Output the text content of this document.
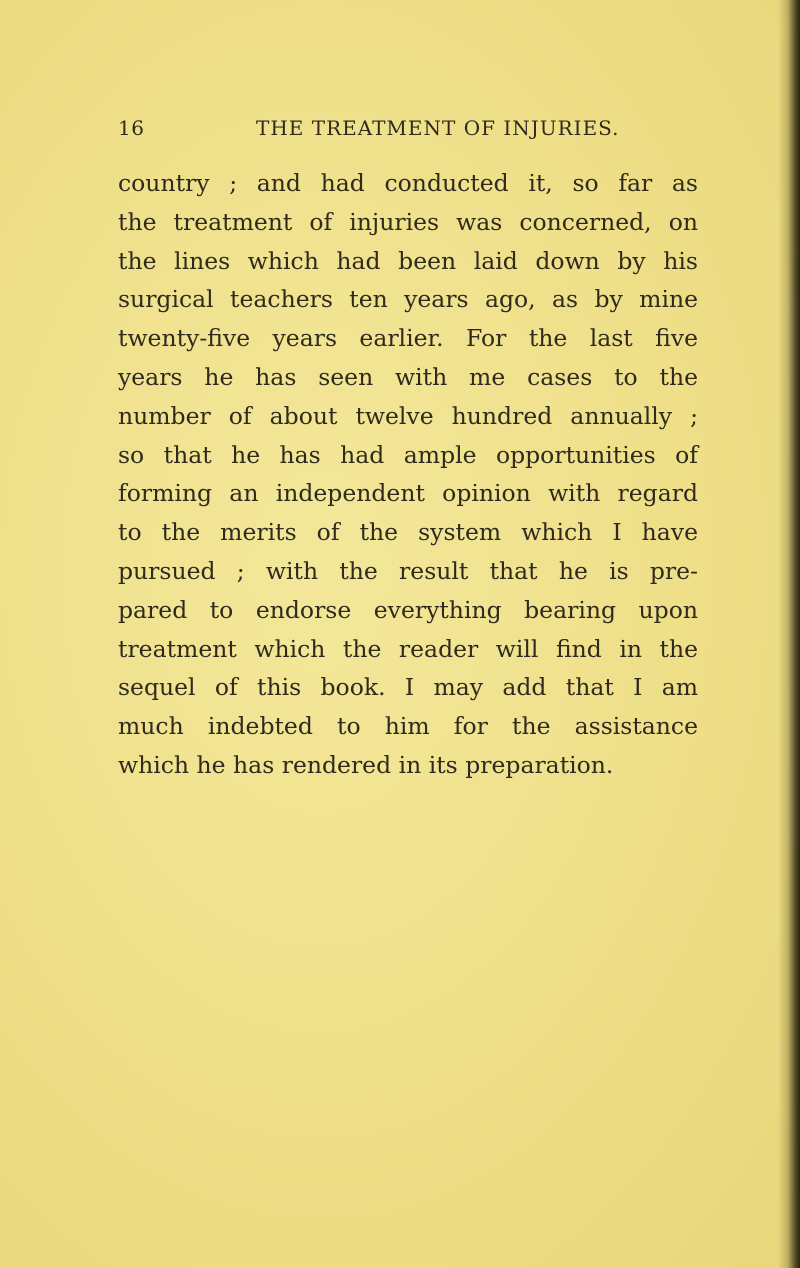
16	THE TREATMENT OF INJURIES.
country ; and had conducted it, so far as
the treatment of injuries was concerned, on
the lines which had been laid down by his
surgical teachers ten years ago, as by mine
twenty-five years earlier. For the last five
years he has seen with me cases to the
number of about twelve hundred annually ;
so that he has had ample opportunities of
forming an independent opinion with regard
to the merits of the system which I have
pursued ; with the result that he is pre-
pared to endorse everything bearing upon
treatment which the reader will find in the
sequel of this book. I may add that I am
much indebted to him for the assistance
which he has rendered in its preparation.
